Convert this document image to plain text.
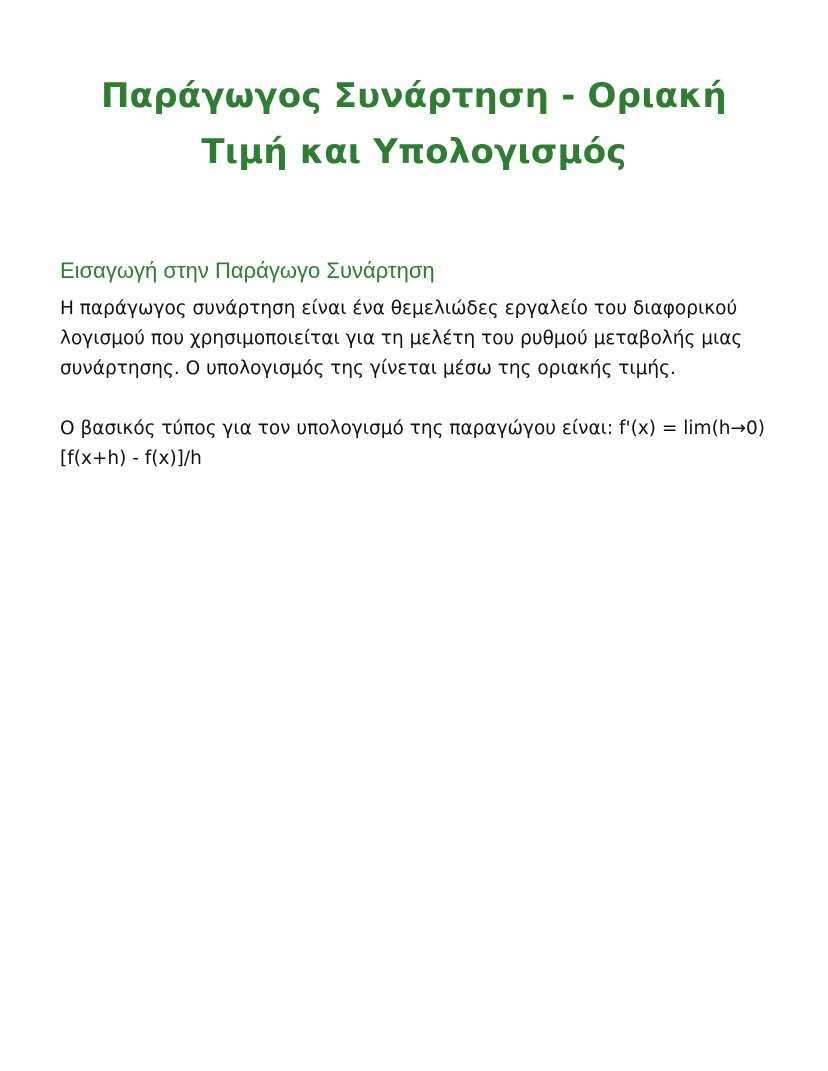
Παράγωγος Συνάρτηση - Οριακή Τιμή και Υπολογισμός
Εισαγωγή στην Παράγωγο Συνάρτηση

Η παράγωγος συνάρτηση είναι ένα θεμελιώδες εργαλείο του διαφορικού λογισμού που χρησιμοποιείται για τη μελέτη του ρυθμού μεταβολής μιας συνάρτησης. Ο υπολογισμός της γίνεται μέσω της οριακής τιμής.

Ο βασικός τύπος για τον υπολογισμό της παραγώγου είναι: f'(x) = lim(h→0) [f(x+h) - f(x)]/h
